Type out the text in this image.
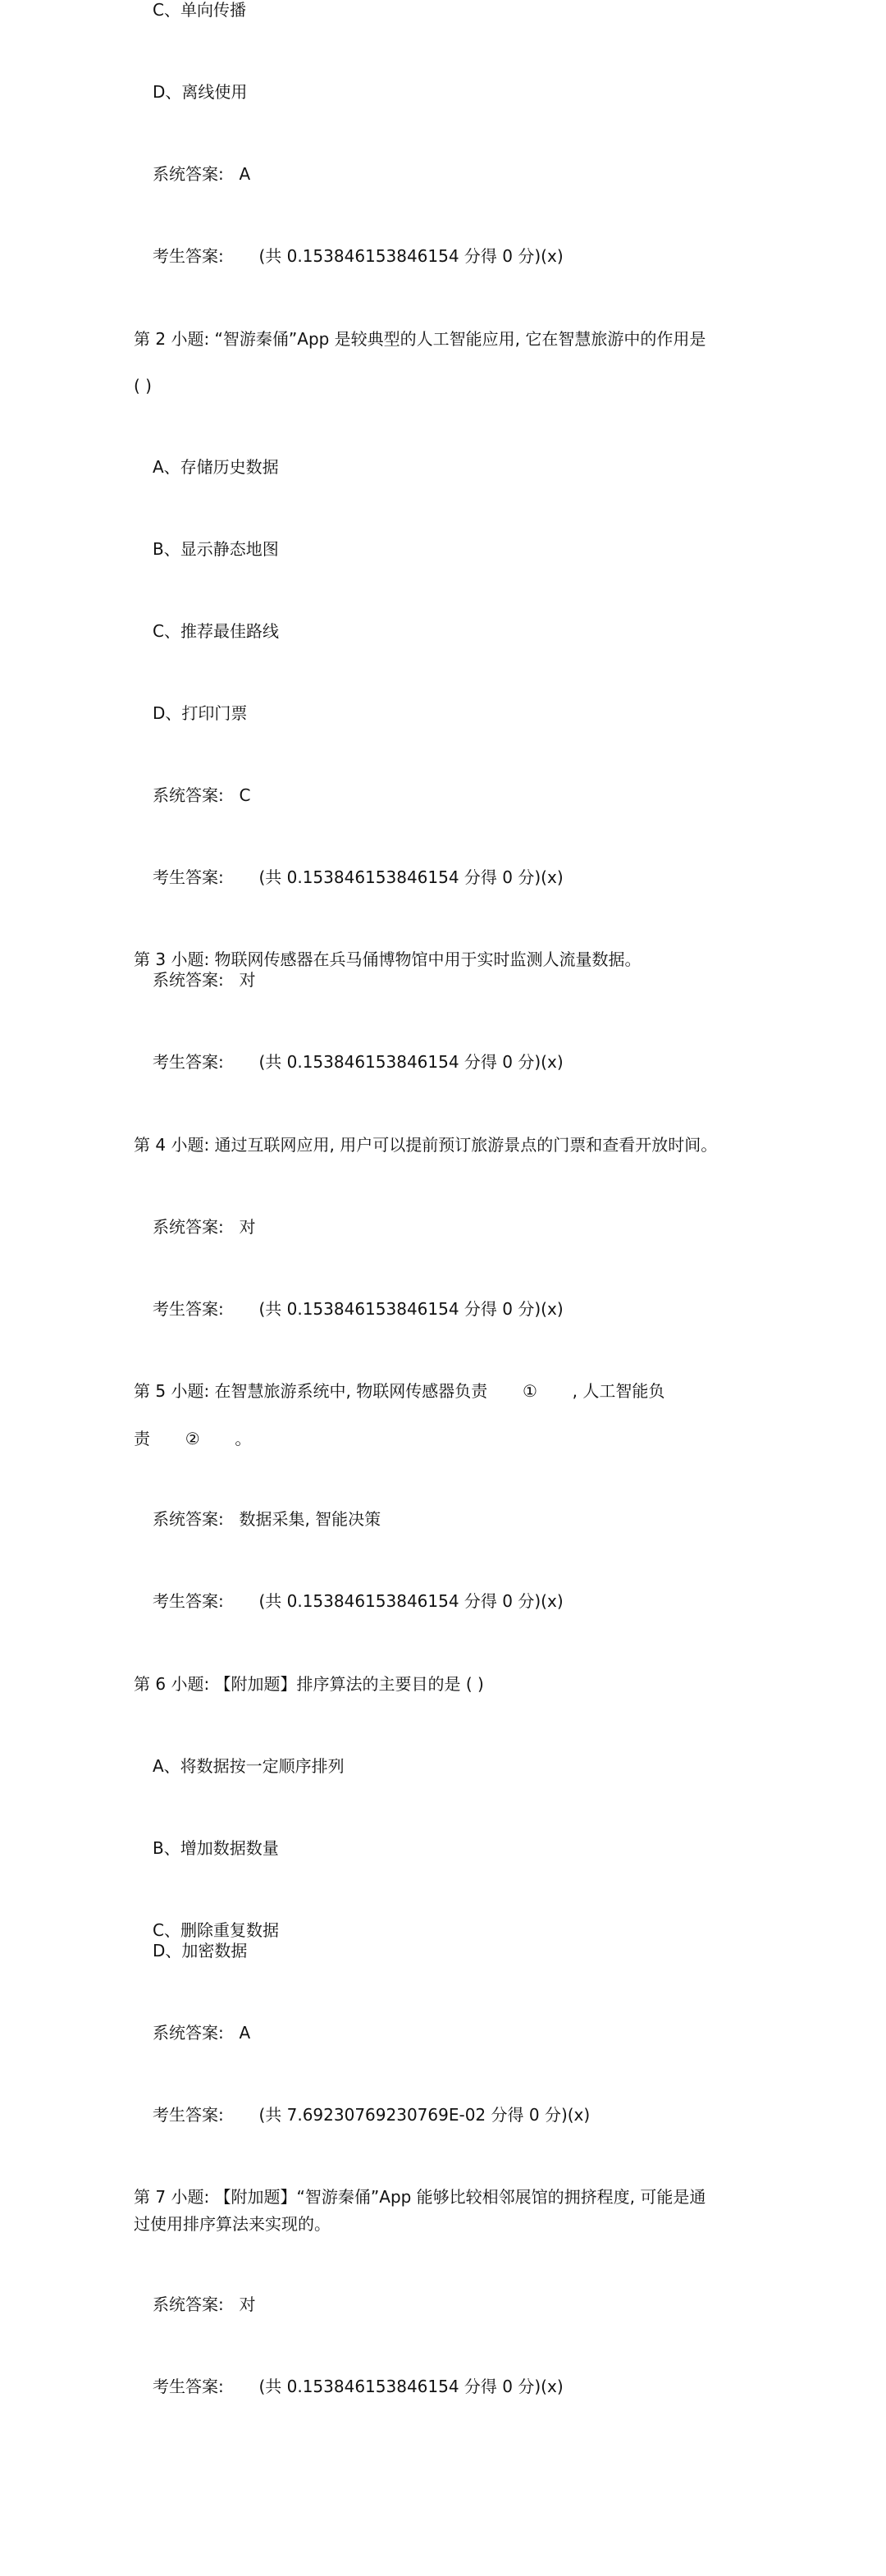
C、单向传播
D、离线使用
系统答案: A
考生答案: (共 0.153846153846154 分得 0 分)(x)
第 2 小题: “智游秦俑”App 是较典型的人工智能应用, 它在智慧旅游中的作用是
( )
A、存储历史数据
B、显示静态地图
C、推荐最佳路线
D、打印门票
系统答案: C
考生答案: (共 0.153846153846154 分得 0 分)(x)
第 3 小题: 物联网传感器在兵马俑博物馆中用于实时监测人流量数据。
系统答案: 对
考生答案: (共 0.153846153846154 分得 0 分)(x)
第 4 小题: 通过互联网应用, 用户可以提前预订旅游景点的门票和查看开放时间。
系统答案: 对
考生答案: (共 0.153846153846154 分得 0 分)(x)
第 5 小题: 在智慧旅游系统中, 物联网传感器负责 ① , 人工智能负
责 ② 。
系统答案: 数据采集, 智能决策
考生答案: (共 0.153846153846154 分得 0 分)(x)
第 6 小题: 【附加题】排序算法的主要目的是 ( )
A、将数据按一定顺序排列
B、增加数据数量
C、删除重复数据
D、加密数据
系统答案: A
考生答案: (共 7.69230769230769E-02 分得 0 分)(x)
第 7 小题: 【附加题】“智游秦俑”App 能够比较相邻展馆的拥挤程度, 可能是通
过使用排序算法来实现的。
系统答案: 对
考生答案: (共 0.153846153846154 分得 0 分)(x)
